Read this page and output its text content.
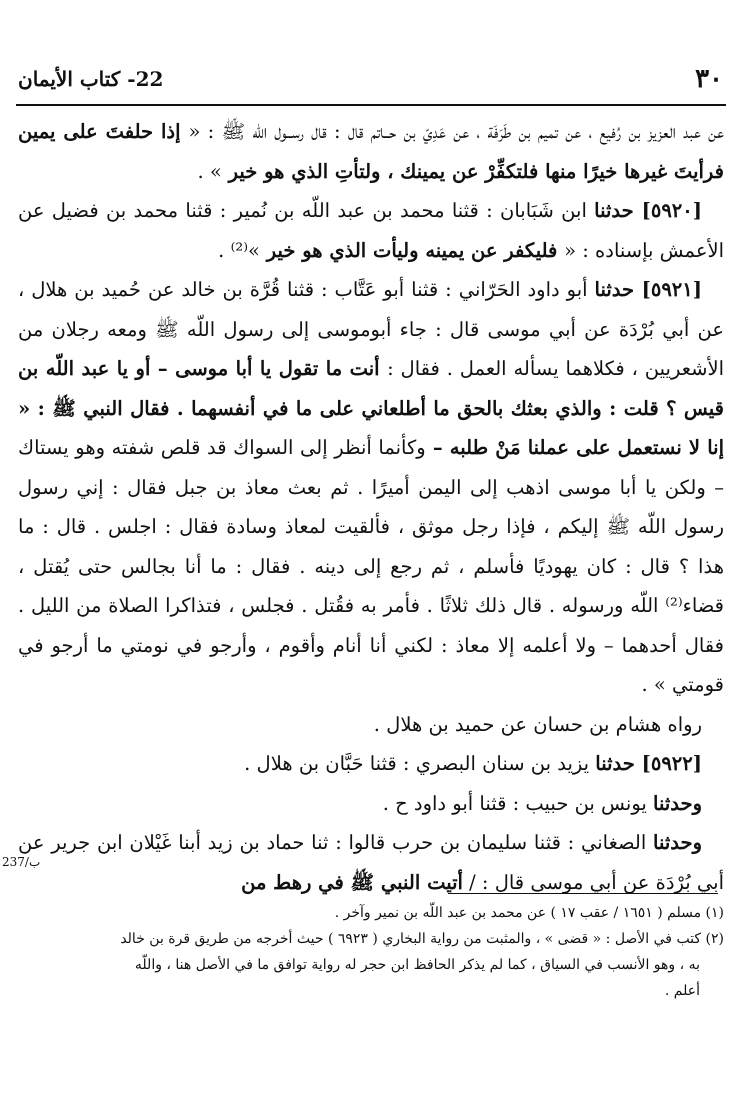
٣٠
22- كتاب الأيمان

عن عبد العزيز بن رُفيع ، عن تميم بن طَرَفَة ، عن عَدِيّ بن حــاتم قال : قال رســول اللّه ﷺ : « إذا حلفتَ على يمين فرأيتَ غيرها خيرًا منها فلتكفِّرْ عن يمينك ، ولتأتِ الذي هو خير » .

[٥٩٢٠] حدثنا ابن شَبَابان : قثنا محمد بن عبد اللّه بن نُمير : قثنا محمد بن فضيل عن الأعمش بإسناده : « فليكفر عن يمينه وليأت الذي هو خير »⁽²⁾ .

[٥٩٢١] حدثنا أبو داود الحَرّاني : قثنا أبو عَتَّاب : قثنا قُرَّة بن خالد عن حُميد بن هلال ، عن أبي بُرْدَة عن أبي موسى قال : جاء أبوموسى إلى رسول اللّه ﷺ ومعه رجلان من الأشعريين ، فكلاهما يسأله العمل . فقال : أنت ما تقول يا أبا موسى – أو يا عبد اللّه بن قيس ؟ قلت : والذي بعثك بالحق ما أطلعاني على ما في أنفسهما . فقال النبي ﷺ : « إنا لا نستعمل على عملنا مَنْ طلبه – وكأنما أنظر إلى السواك قد قلص شفته وهو يستاك – ولكن يا أبا موسى اذهب إلى اليمن أميرًا . ثم بعث معاذ بن جبل فقال : إني رسول رسول اللّه ﷺ إليكم ، فإذا رجل موثق ، فألقيت لمعاذ وسادة فقال : اجلس . قال : ما هذا ؟ قال : كان يهوديًا فأسلم ، ثم رجع إلى دينه . فقال : ما أنا بجالس حتى يُقتل ، قضاء⁽²⁾ اللّه ورسوله . قال ذلك ثلاثًا . فأمر به فقُتل . فجلس ، فتذاكرا الصلاة من الليل . فقال أحدهما – ولا أعلمه إلا معاذ : لكني أنا أنام وأقوم ، وأرجو في نومتي ما أرجو في قومتي » .

رواه هشام بن حسان عن حميد بن هلال .

[٥٩٢٢] حدثنا يزيد بن سنان البصري : قثنا حَبَّان بن هلال .

وحدثنا يونس بن حبيب : قثنا أبو داود ح .

وحدثنا الصغاني : قثنا سليمان بن حرب قالوا : ثنا حماد بن زيد أبنا غَيْلان ابن جرير عن أبي بُرْدَة عن أبي موسى قال : / أتيت النبي ﷺ في رهط من

237/ب

(١) مسلم ( ١٦٥١ / عقب ١٧ ) عن محمد بن عبد اللّه بن نمير وآخر .

(٢) كتب في الأصل : « قضى » ، والمثبت من رواية البخاري ( ٦٩٢٣ ) حيث أخرجه من طريق قرة بن خالد

به ، وهو الأنسب في السياق ، كما لم يذكر الحافظ ابن حجر له رواية توافق ما في الأصل هنا ، واللّه

أعلم .
